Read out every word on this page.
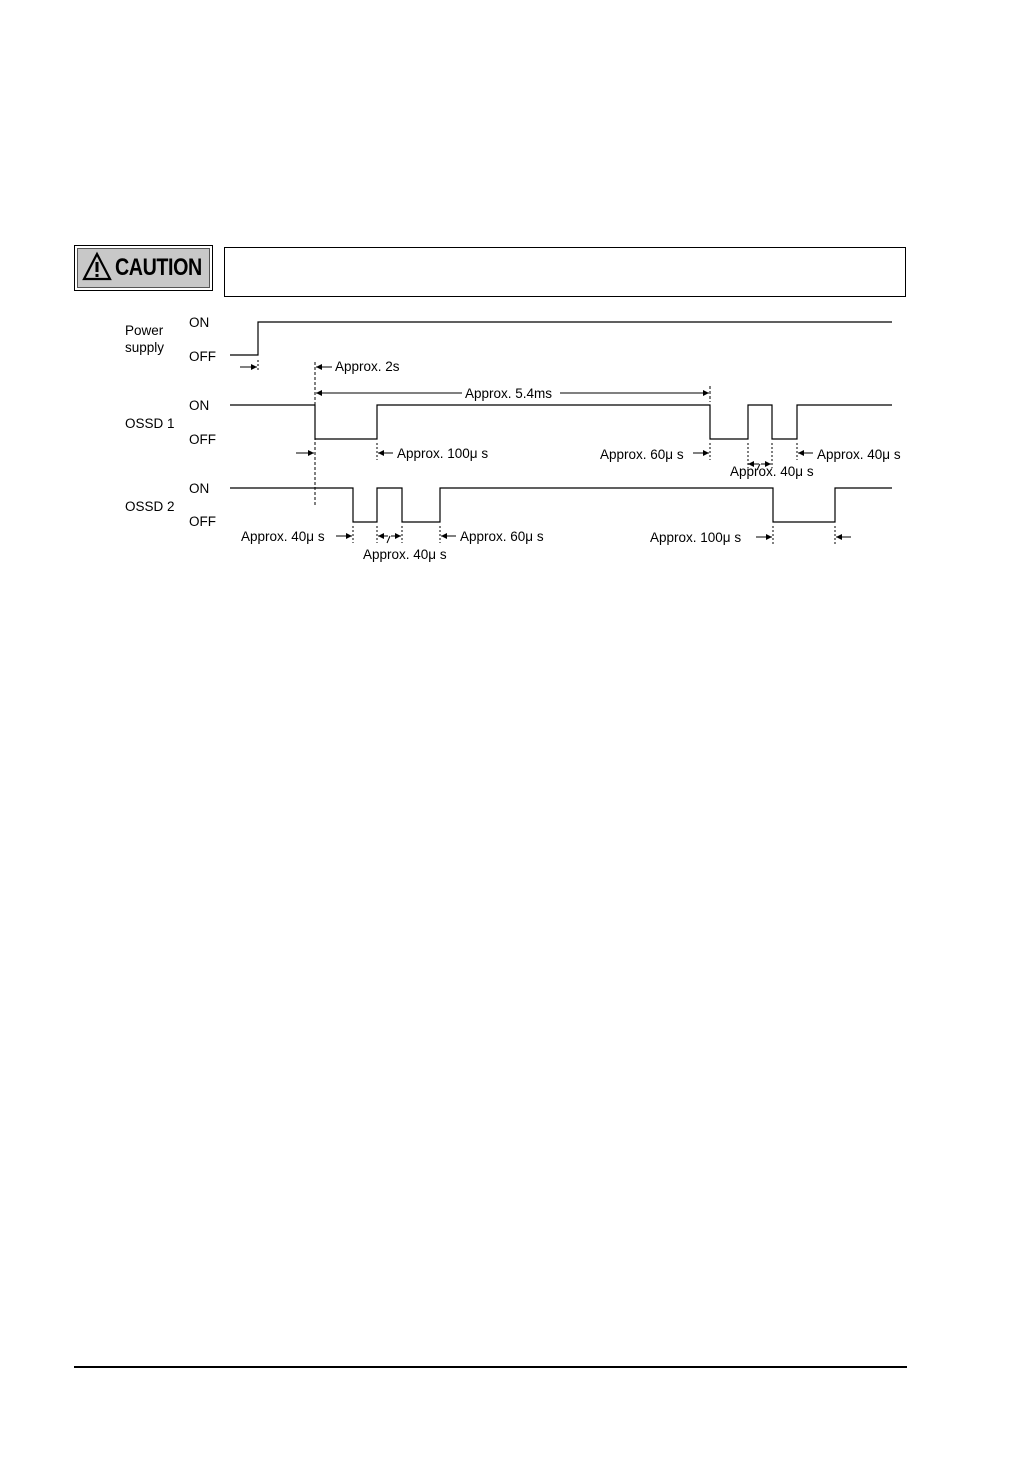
CAUTION
Power
supply
ON
OFF
OSSD 1
ON
OFF
OSSD 2
ON
OFF
Approx. 2s
Approx. 5.4ms
Approx. 100μ s	Approx. 60μ s
Approx. 40μ s
Approx. 40μ s
Approx. 40μ s
Approx. 40μ s
Approx. 60μ s	Approx. 100μ s
